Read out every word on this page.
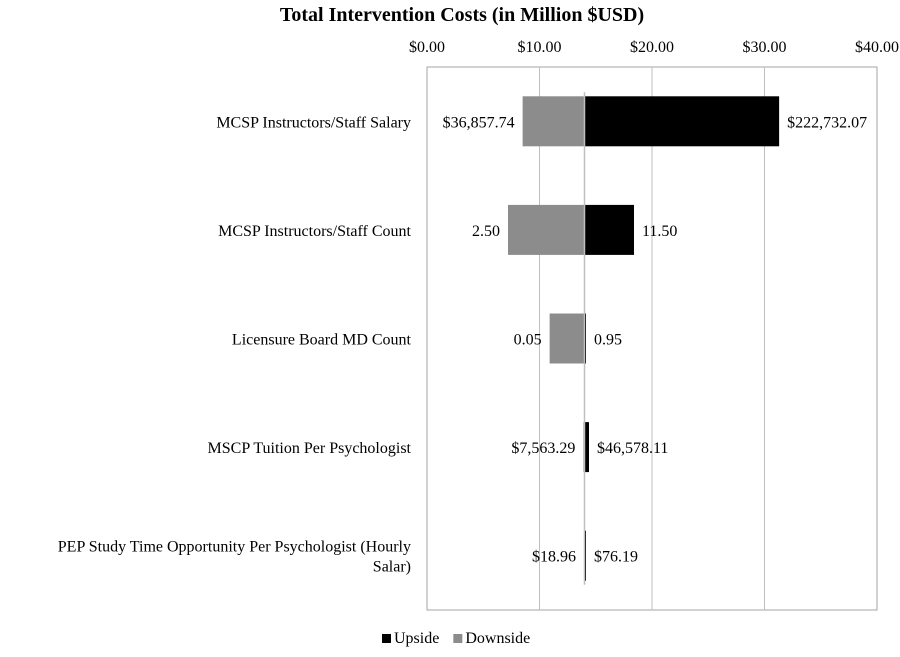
Total Intervention Costs (in Million $USD)
$0.00	$10.00	$20.00	$30.00	$40.00
MCSP Instructors/Staff Salary
MCSP Instructors/Staff Count
Licensure Board MD Count
MSCP Tuition Per Psychologist
PEP Study Time Opportunity Per Psychologist (Hourly Salar)
$36,857.74	$222,732.07
2.50	11.50
0.05	0.95
$7,563.29 $46,578.11
$18.96 $76.19
Upside Downside
